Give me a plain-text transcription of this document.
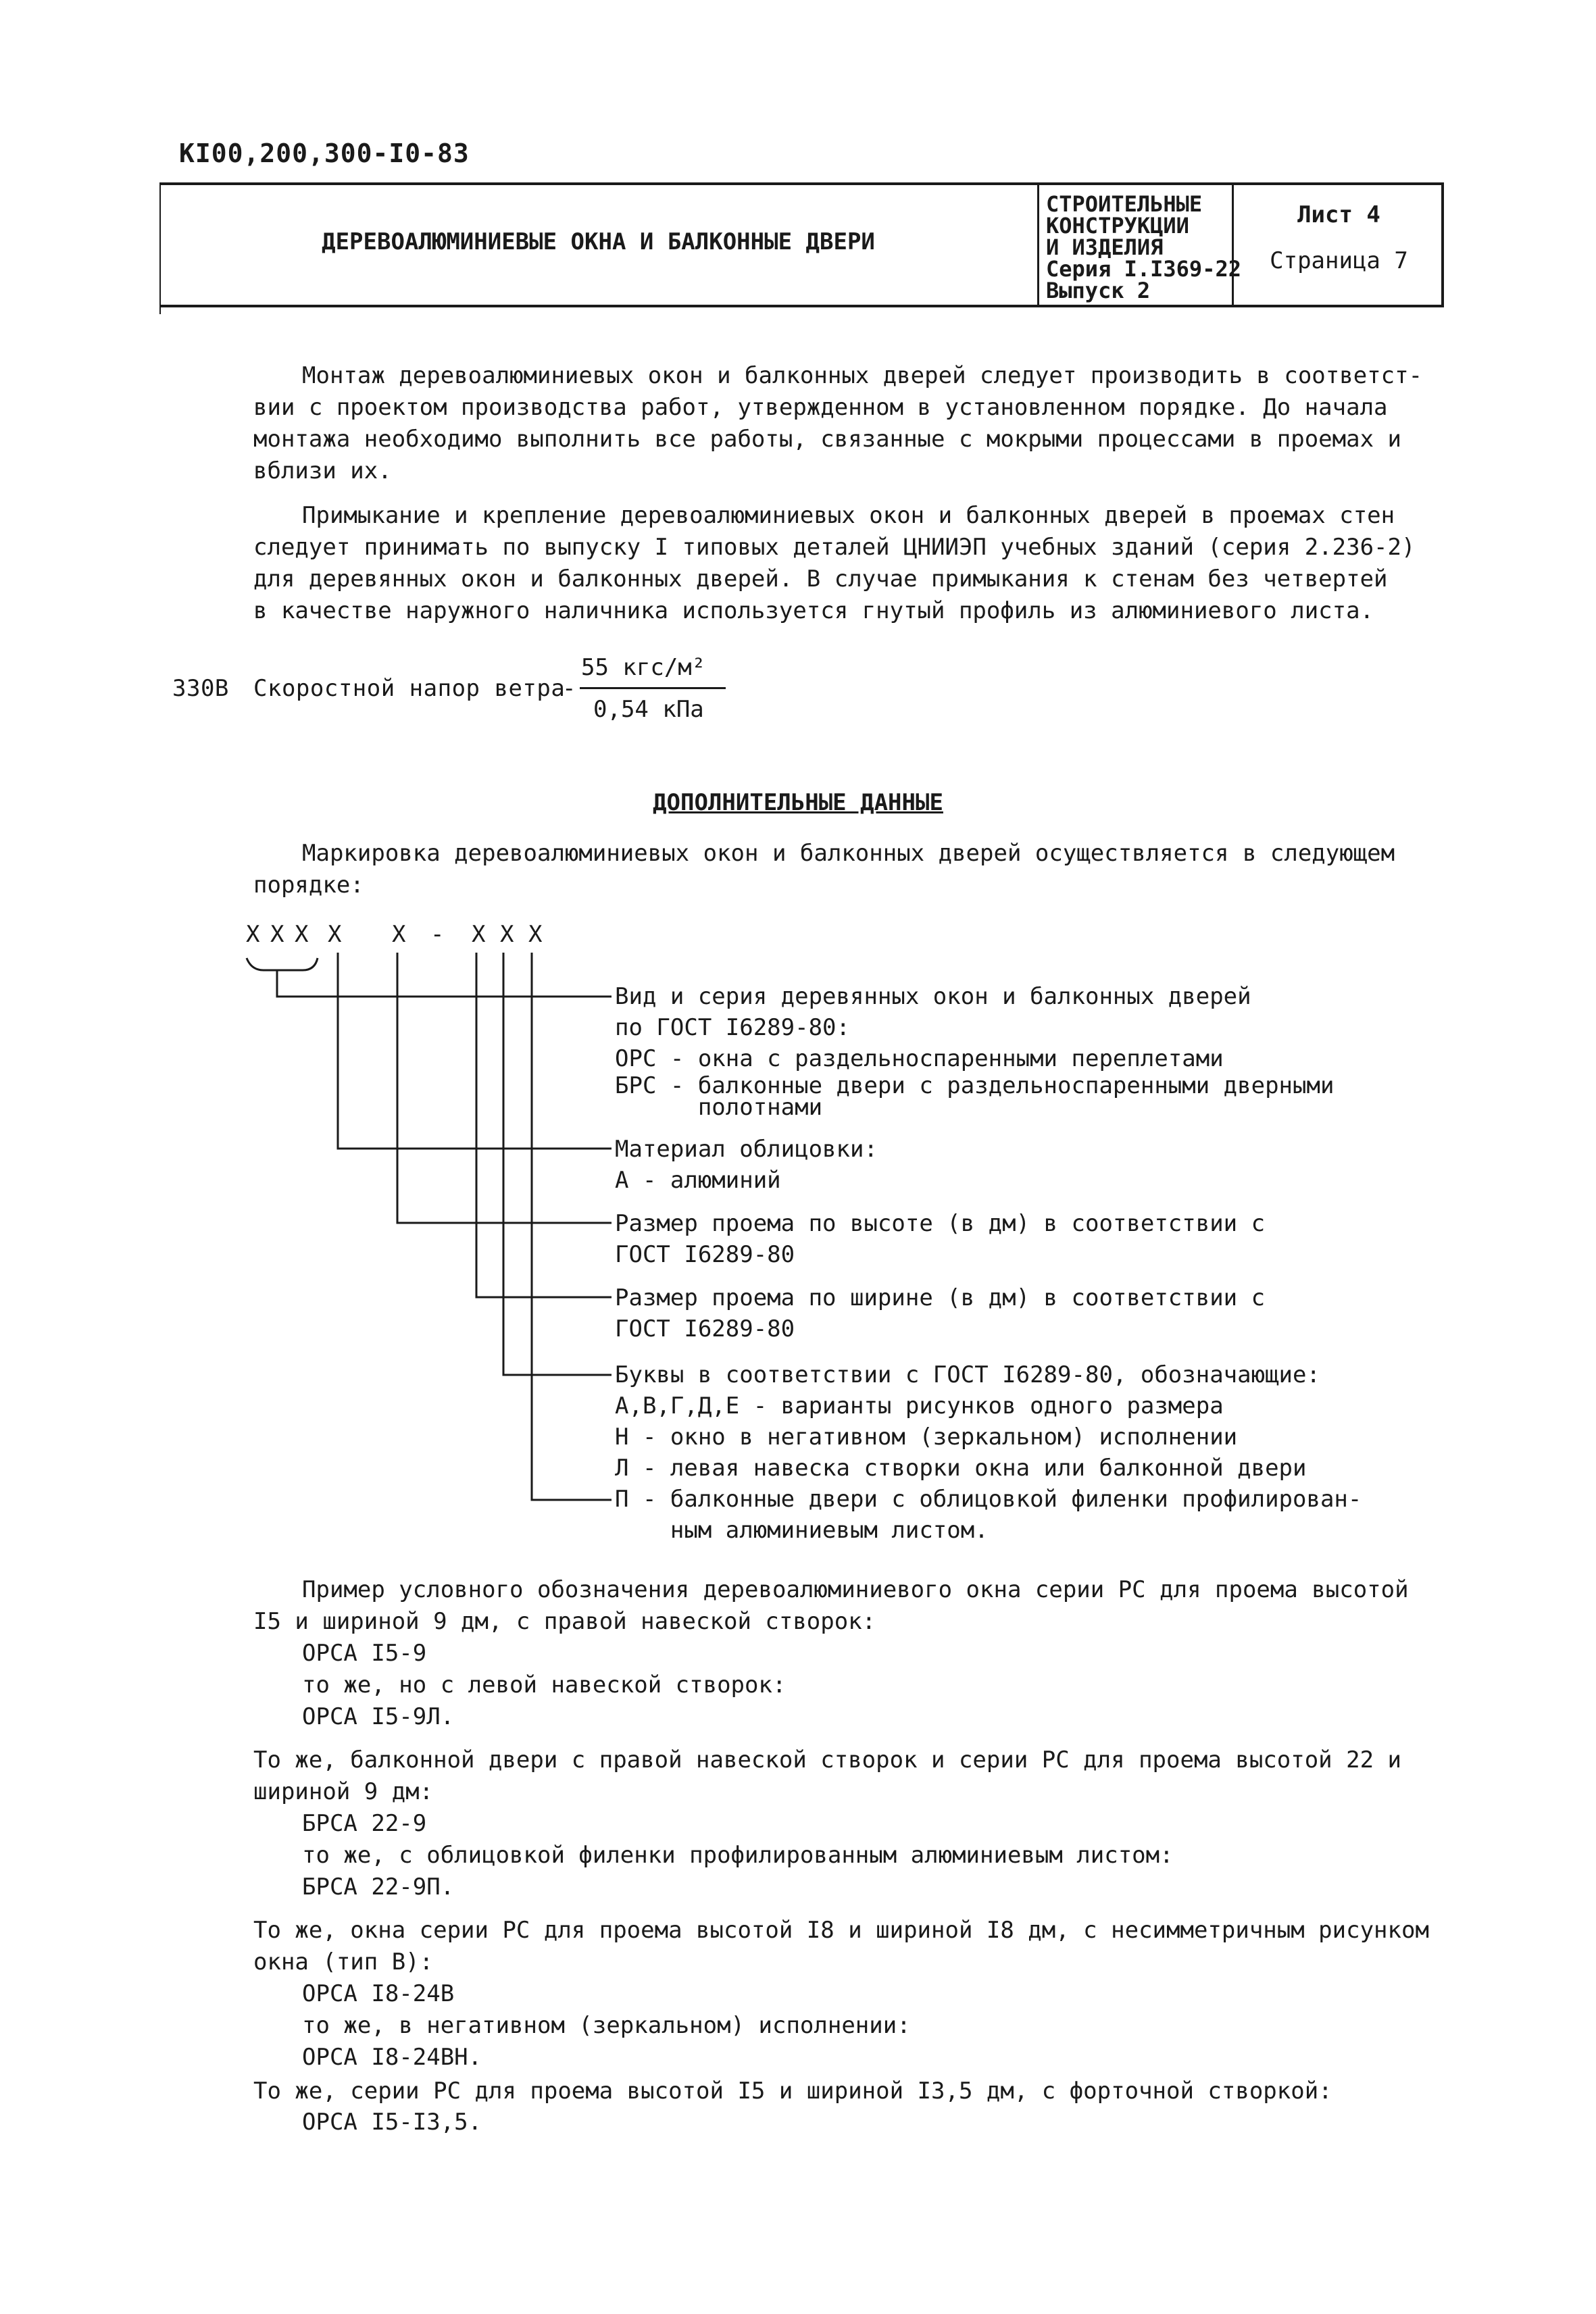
КI00,200,300-I0-83
ДЕРЕВОАЛЮМИНИЕВЫЕ ОКНА И БАЛКОННЫЕ ДВЕРИ
СТРОИТЕЛЬНЫЕ
КОНСТРУКЦИИ
И ИЗДЕЛИЯ
Серия I.I369-22
Выпуск 2
Лист 4
Страница 7
Монтаж деревоалюминиевых окон и балконных дверей следует производить в соответст-
вии с проектом производства работ, утвержденном в установленном порядке. До начала
монтажа необходимо выполнить все работы, связанные с мокрыми процессами в проемах и
вблизи их.
Примыкание и крепление деревоалюминиевых окон и балконных дверей в проемах стен
следует принимать по выпуску I типовых деталей ЦНИИЭП учебных зданий (серия 2.236-2)
для деревянных окон и балконных дверей. В случае примыкания к стенам без четвертей
в качестве наружного наличника используется гнутый профиль из алюминиевого листа.
330В Скоростной напор ветра
-
55 кгс/м²
0,54 кПа
ДОПОЛНИТЕЛЬНЫЕ ДАННЫЕ
Маркировка деревоалюминиевых окон и балконных дверей осуществляется в следующем
порядке:
Х Х Х Х Х - Х Х Х
Вид и серия деревянных окон и балконных дверей
по ГОСТ I6289-80:
ОРС - окна с раздельноспаренными переплетами
БРС - балконные двери с раздельноспаренными дверными
полотнами
Материал облицовки:
А - алюминий
Размер проема по высоте (в дм) в соответствии с
ГОСТ I6289-80
Размер проема по ширине (в дм) в соответствии с
ГОСТ I6289-80
Буквы в соответствии с ГОСТ I6289-80, обозначающие:
А,В,Г,Д,Е - варианты рисунков одного размера
Н - окно в негативном (зеркальном) исполнении
Л - левая навеска створки окна или балконной двери
П - балконные двери с облицовкой филенки профилирован-
ным алюминиевым листом.
Пример условного обозначения деревоалюминиевого окна серии РС для проема высотой
I5 и шириной 9 дм, с правой навеской створок:
ОРСА I5-9
то же, но с левой навеской створок:
ОРСА I5-9Л.
То же, балконной двери с правой навеской створок и серии РС для проема высотой 22 и
шириной 9 дм:
БРСА 22-9
то же, с облицовкой филенки профилированным алюминиевым листом:
БРСА 22-9П.
То же, окна серии РС для проема высотой I8 и шириной I8 дм, с несимметричным рисунком
окна (тип В):
ОРСА I8-24В
то же, в негативном (зеркальном) исполнении:
ОРСА I8-24ВН.
То же, серии РС для проема высотой I5 и шириной I3,5 дм, с форточной створкой:
ОРСА I5-I3,5.
